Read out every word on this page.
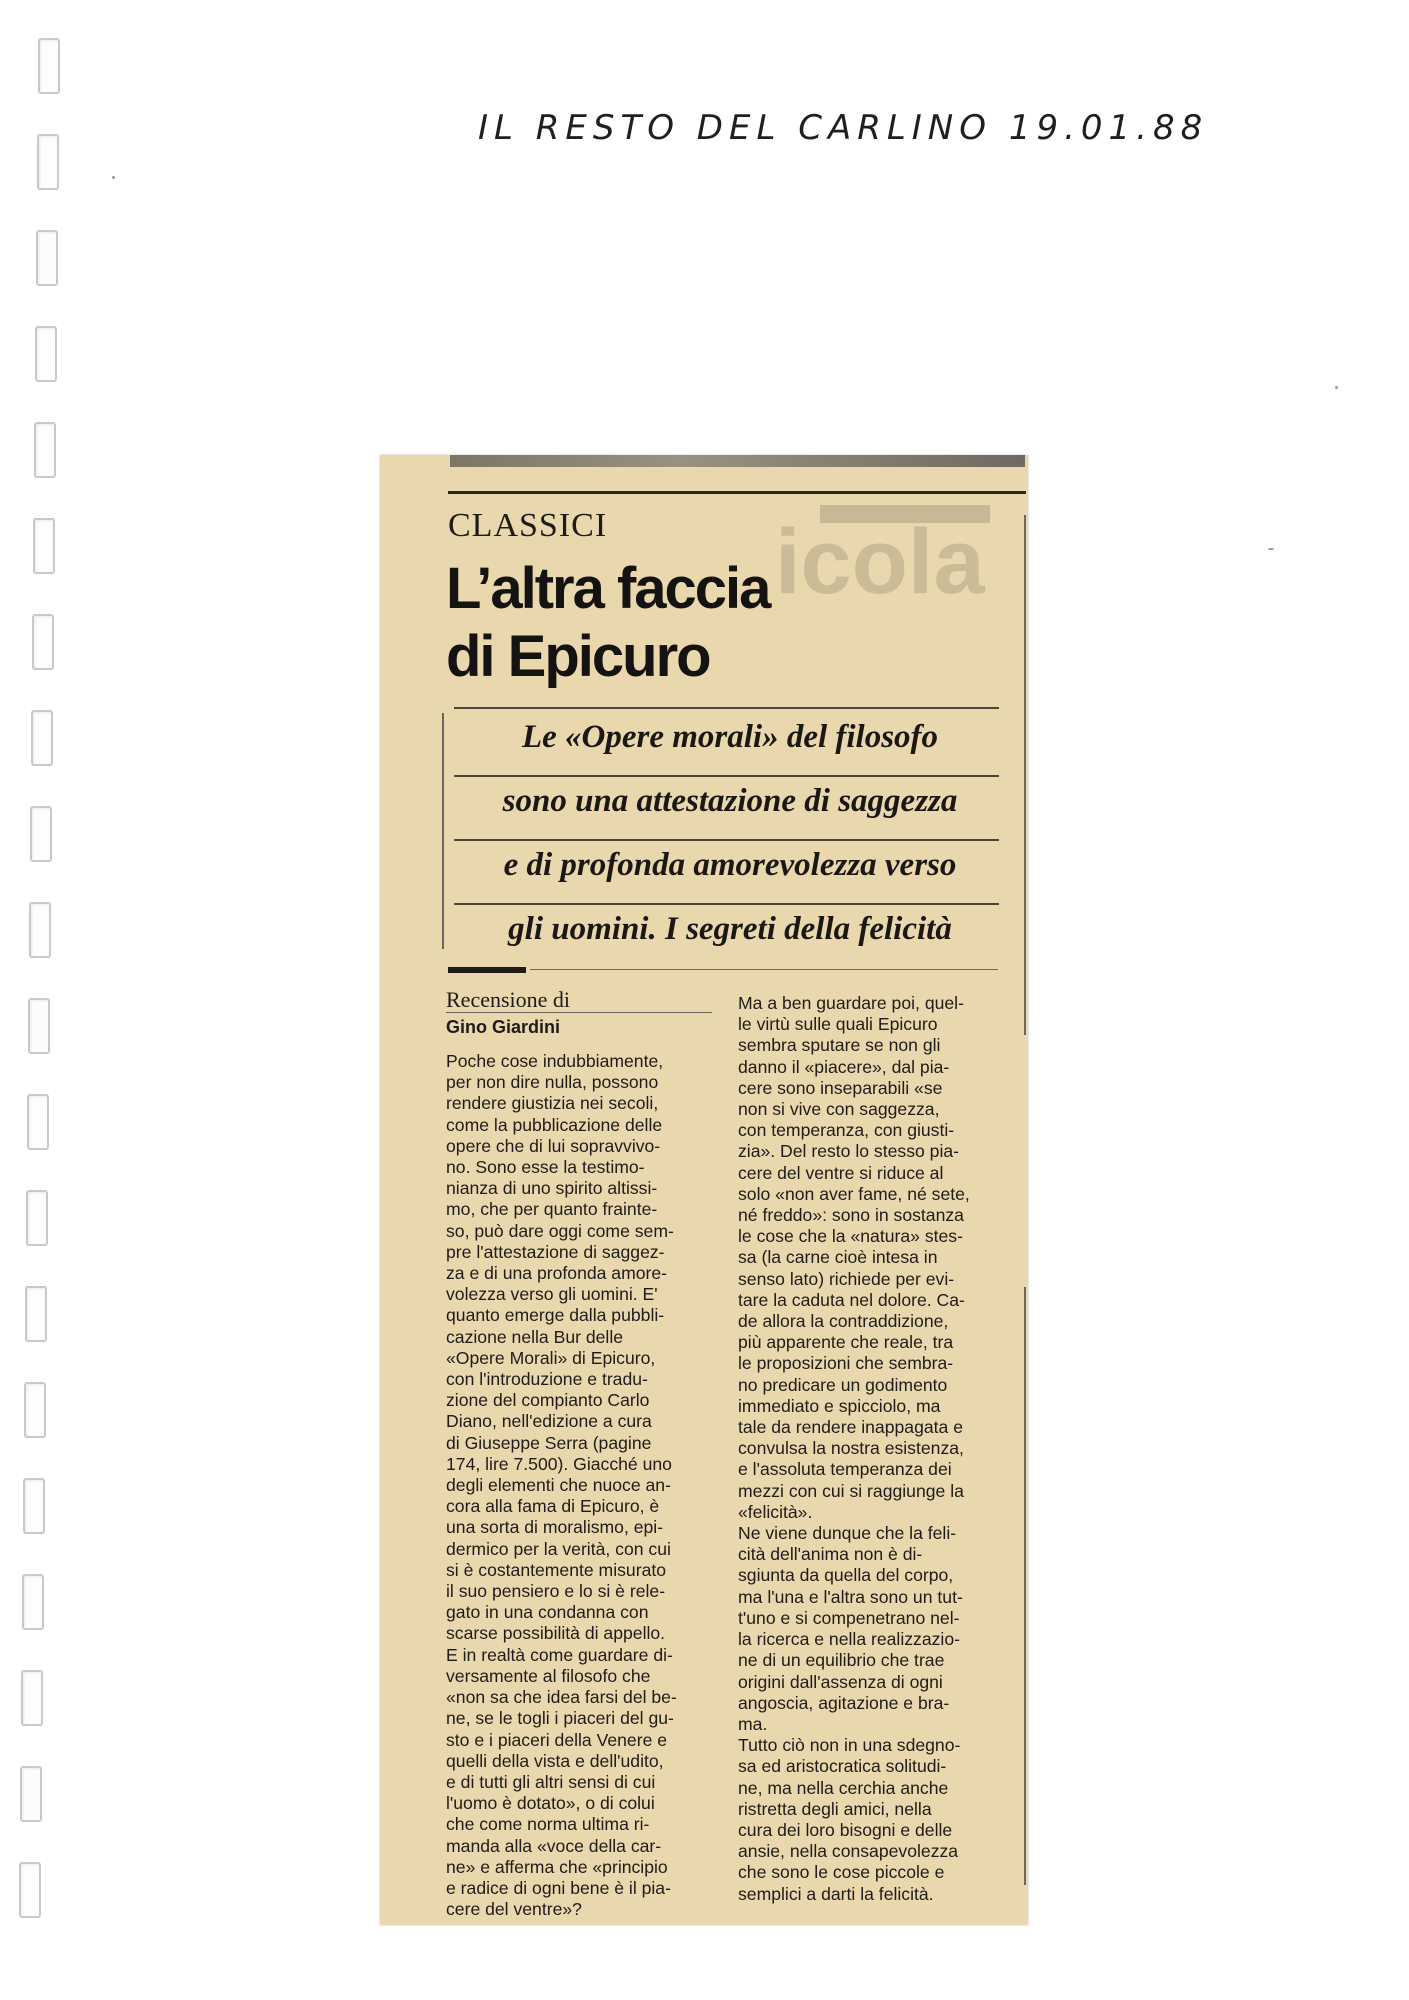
IL RESTO DEL CARLINO 19.01.88
icola
CLASSICI
L’altra faccia
di Epicuro
Le «Opere morali» del filosofo
sono una attestazione di saggezza
e di profonda amorevolezza verso
gli uomini. I segreti della felicità
Recensione di
Gino Giardini
Poche cose indubbiamente,
per non dire nulla, possono
rendere giustizia nei secoli,
come la pubblicazione delle
opere che di lui sopravvivo-
no. Sono esse la testimo-
nianza di uno spirito altissi-
mo, che per quanto frainte-
so, può dare oggi come sem-
pre l'attestazione di saggez-
za e di una profonda amore-
volezza verso gli uomini. E'
quanto emerge dalla pubbli-
cazione nella Bur delle
«Opere Morali» di Epicuro,
con l'introduzione e tradu-
zione del compianto Carlo
Diano, nell'edizione a cura
di Giuseppe Serra (pagine
174, lire 7.500). Giacché uno
degli elementi che nuoce an-
cora alla fama di Epicuro, è
una sorta di moralismo, epi-
dermico per la verità, con cui
si è costantemente misurato
il suo pensiero e lo si è rele-
gato in una condanna con
scarse possibilità di appello.
E in realtà come guardare di-
versamente al filosofo che
«non sa che idea farsi del be-
ne, se le togli i piaceri del gu-
sto e i piaceri della Venere e
quelli della vista e dell'udito,
e di tutti gli altri sensi di cui
l'uomo è dotato», o di colui
che come norma ultima ri-
manda alla «voce della car-
ne» e afferma che «principio
e radice di ogni bene è il pia-
cere del ventre»?
Ma a ben guardare poi, quel-
le virtù sulle quali Epicuro
sembra sputare se non gli
danno il «piacere», dal pia-
cere sono inseparabili «se
non si vive con saggezza,
con temperanza, con giusti-
zia». Del resto lo stesso pia-
cere del ventre si riduce al
solo «non aver fame, né sete,
né freddo»: sono in sostanza
le cose che la «natura» stes-
sa (la carne cioè intesa in
senso lato) richiede per evi-
tare la caduta nel dolore. Ca-
de allora la contraddizione,
più apparente che reale, tra
le proposizioni che sembra-
no predicare un godimento
immediato e spicciolo, ma
tale da rendere inappagata e
convulsa la nostra esistenza,
e l'assoluta temperanza dei
mezzi con cui si raggiunge la
«felicità».
Ne viene dunque che la feli-
cità dell'anima non è di-
sgiunta da quella del corpo,
ma l'una e l'altra sono un tut-
t'uno e si compenetrano nel-
la ricerca e nella realizzazio-
ne di un equilibrio che trae
origini dall'assenza di ogni
angoscia, agitazione e bra-
ma.
Tutto ciò non in una sdegno-
sa ed aristocratica solitudi-
ne, ma nella cerchia anche
ristretta degli amici, nella
cura dei loro bisogni e delle
ansie, nella consapevolezza
che sono le cose piccole e
semplici a darti la felicità.
